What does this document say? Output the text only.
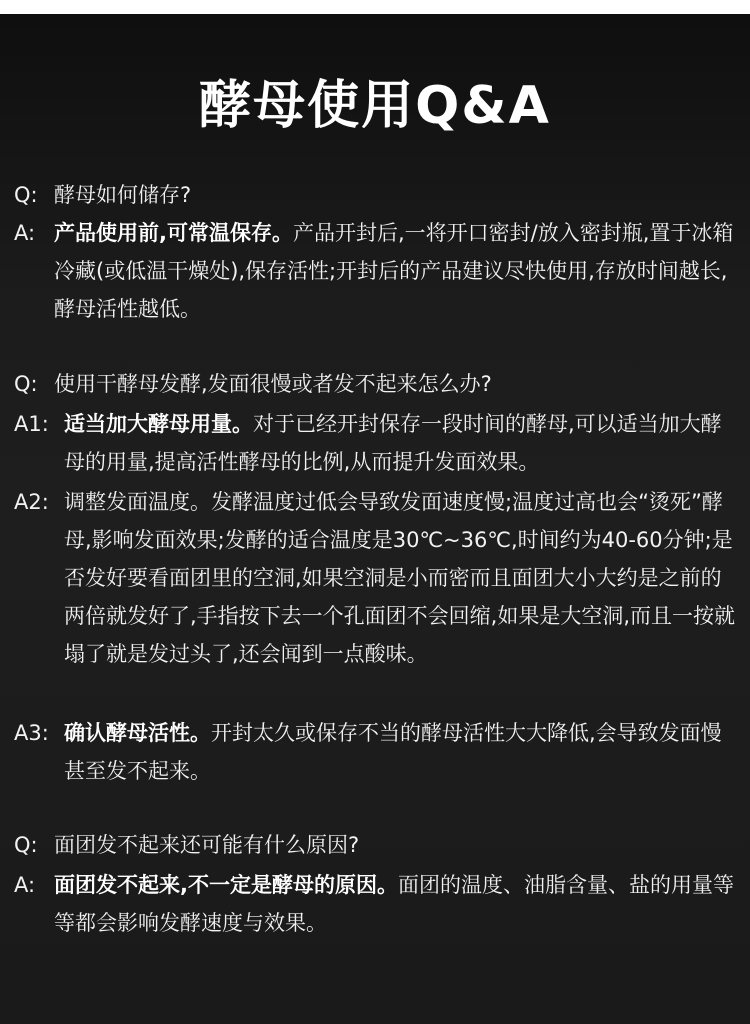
酵母使用Q&A
Q: 酵母如何储存?
A: 产品使用前,可常温保存。产品开封后,一将开口密封/放入密封瓶,置于冰箱冷藏(或低温干燥处),保存活性;开封后的产品建议尽快使用,存放时间越长,酵母活性越低。
Q: 使用干酵母发酵,发面很慢或者发不起来怎么办?
A1: 适当加大酵母用量。对于已经开封保存一段时间的酵母,可以适当加大酵母的用量,提高活性酵母的比例,从而提升发面效果。
A2: 调整发面温度。发酵温度过低会导致发面速度慢;温度过高也会“烫死”酵母,影响发面效果;发酵的适合温度是30℃~36℃,时间约为40-60分钟;是否发好要看面团里的空洞,如果空洞是小而密而且面团大小大约是之前的两倍就发好了,手指按下去一个孔面团不会回缩,如果是大空洞,而且一按就塌了就是发过头了,还会闻到一点酸味。
A3: 确认酵母活性。开封太久或保存不当的酵母活性大大降低,会导致发面慢甚至发不起来。
Q: 面团发不起来还可能有什么原因?
A: 面团发不起来,不一定是酵母的原因。面团的温度、油脂含量、盐的用量等等都会影响发酵速度与效果。
